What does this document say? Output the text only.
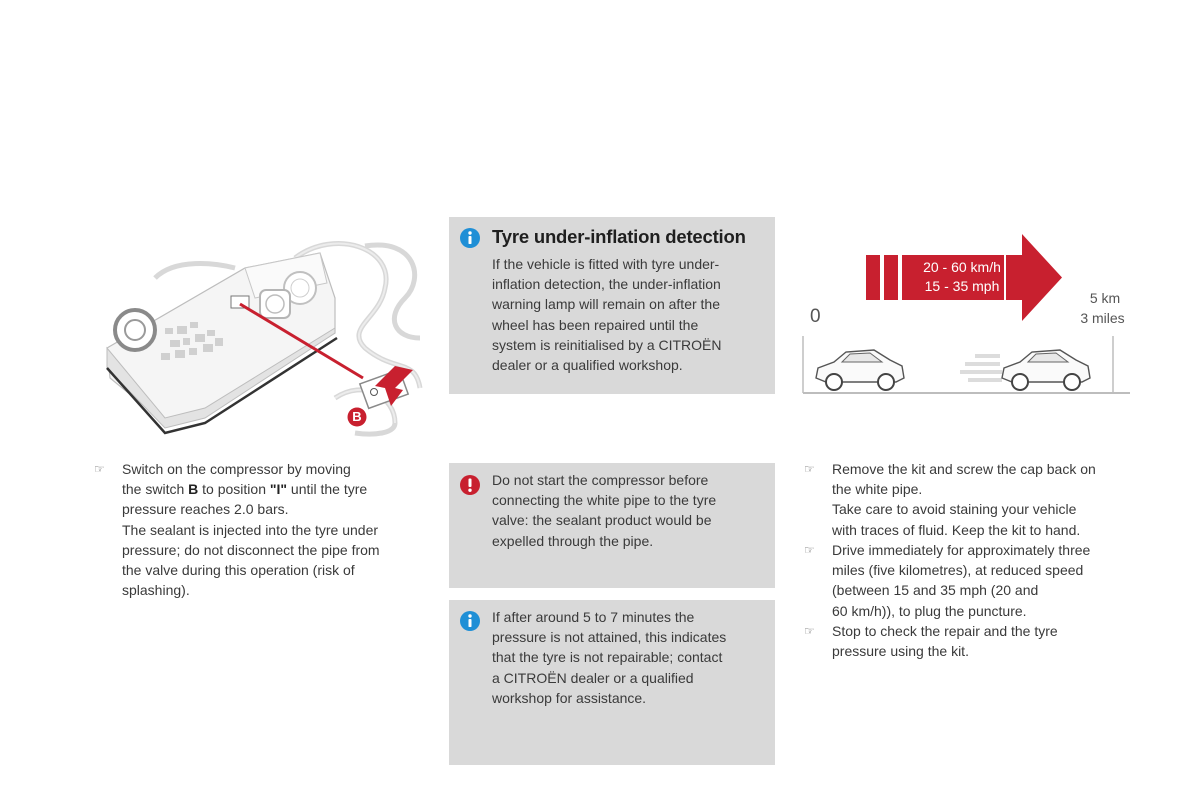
B
☞ Switch on the compressor by moving
the switch B to position "I" until the tyre
pressure reaches 2.0 bars.
The sealant is injected into the tyre under
pressure; do not disconnect the pipe from
the valve during this operation (risk of
splashing).
Tyre under-inflation detection
If the vehicle is fitted with tyre under-
inflation detection, the under-inflation
warning lamp will remain on after the
wheel has been repaired until the
system is reinitialised by a CITROËN
dealer or a qualified workshop.
Do not start the compressor before
connecting the white pipe to the tyre
valve: the sealant product would be
expelled through the pipe.
If after around 5 to 7 minutes the
pressure is not attained, this indicates
that the tyre is not repairable; contact
a CITROËN dealer or a qualified
workshop for assistance.
20 - 60 km/h
15 - 35 mph
0
5 km
3 miles
☞ Remove the kit and screw the cap back on
the white pipe.
Take care to avoid staining your vehicle
with traces of fluid. Keep the kit to hand.
☞ Drive immediately for approximately three
miles (five kilometres), at reduced speed
(between 15 and 35 mph (20 and
60 km/h)), to plug the puncture.
☞ Stop to check the repair and the tyre
pressure using the kit.
